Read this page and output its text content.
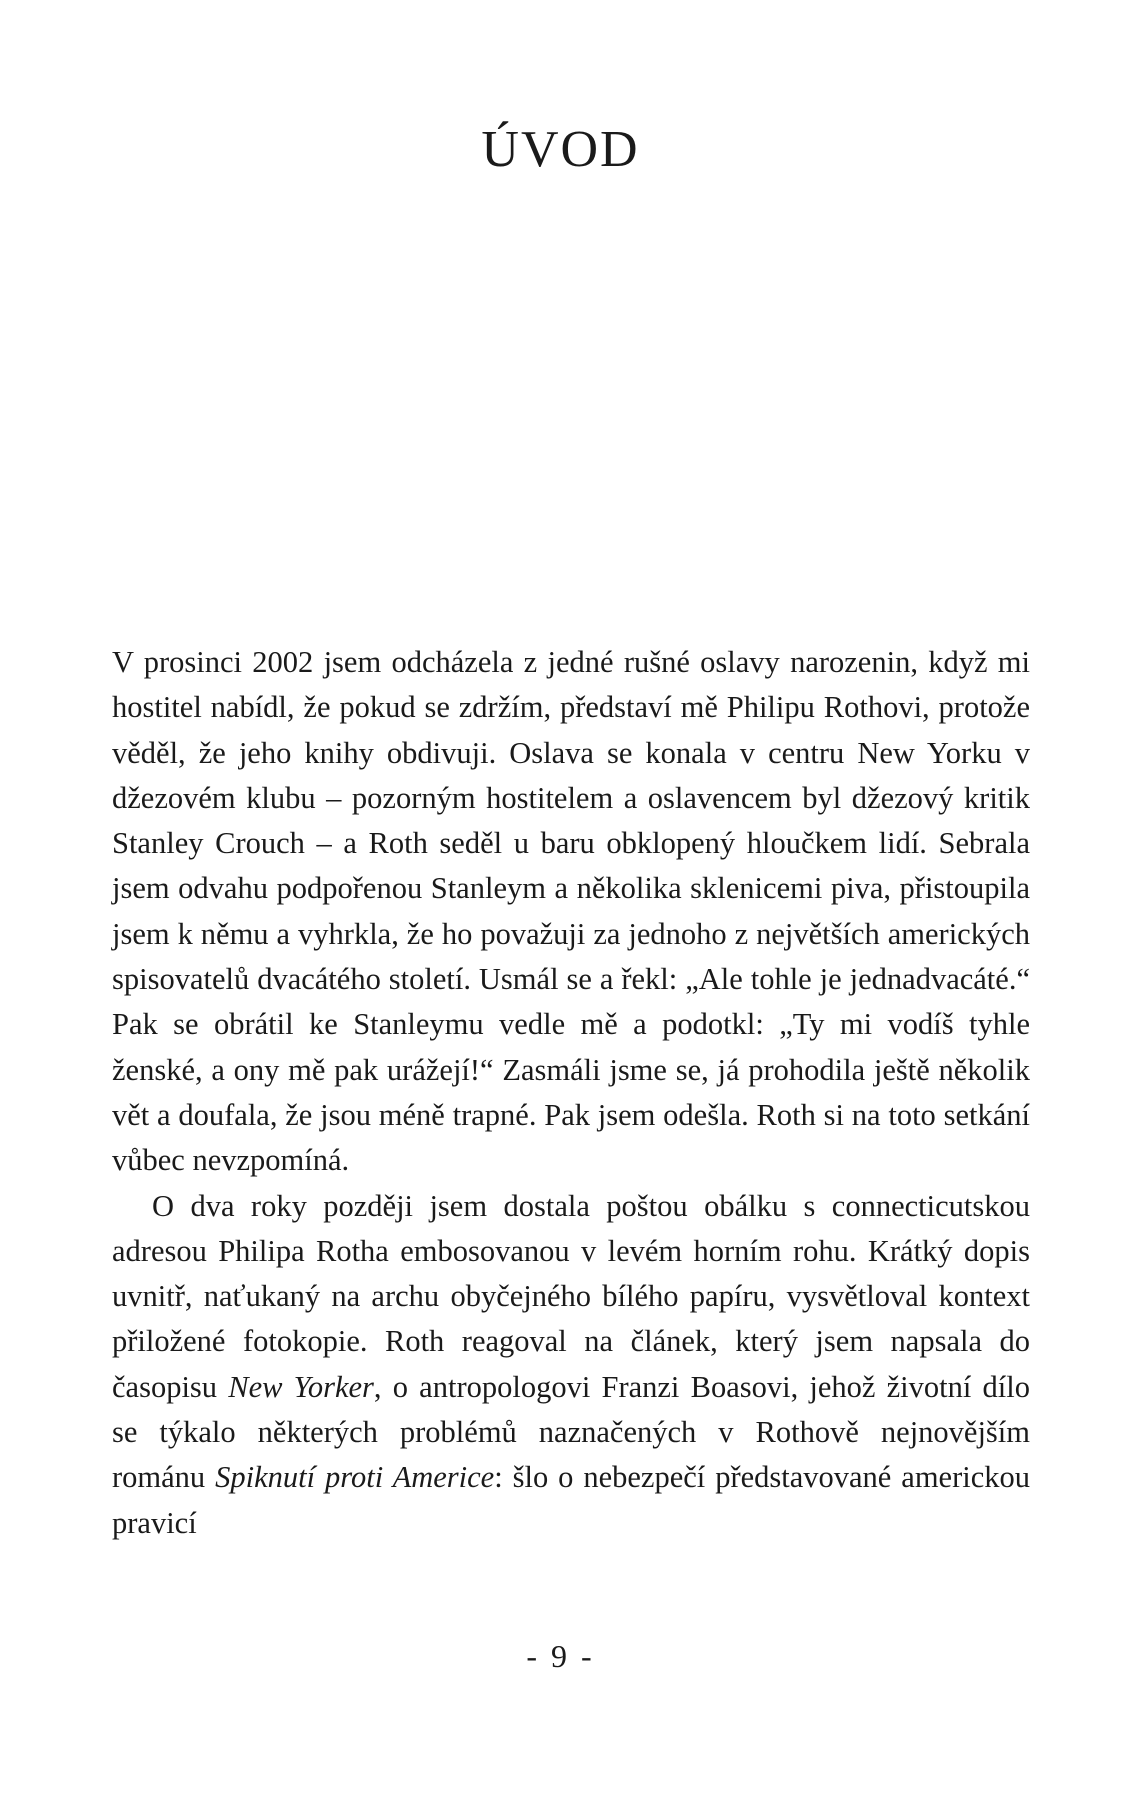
ÚVOD

V prosinci 2002 jsem odcházela z jedné rušné oslavy narozenin, když mi hostitel nabídl, že pokud se zdržím, představí mě Philipu Rothovi, protože věděl, že jeho knihy obdivuji. Oslava se konala v centru New Yorku v džezovém klubu – pozorným hostitelem a oslavencem byl džezový kritik Stanley Crouch – a Roth seděl u baru obklopený hloučkem lidí. Sebrala jsem odvahu podpořenou Stanleym a několika sklenicemi piva, přistoupila jsem k němu a vyhrkla, že ho považuji za jednoho z největších amerických spisovatelů dvacátého století. Usmál se a řekl: „Ale tohle je jednadvacáté.“ Pak se obrátil ke Stanleymu vedle mě a podotkl: „Ty mi vodíš tyhle ženské, a ony mě pak urážejí!“ Zasmáli jsme se, já prohodila ještě několik vět a doufala, že jsou méně trapné. Pak jsem odešla. Roth si na toto setkání vůbec nevzpomíná.

O dva roky později jsem dostala poštou obálku s connecticutskou adresou Philipa Rotha embosovanou v levém horním rohu. Krátký dopis uvnitř, naťukaný na archu obyčejného bílého papíru, vysvětloval kontext přiložené fotokopie. Roth reagoval na článek, který jsem napsala do časopisu New Yorker, o antropologovi Franzi Boasovi, jehož životní dílo se týkalo některých problémů naznačených v Rothově nejnovějším románu Spiknutí proti Americe: šlo o nebezpečí představované americkou pravicí

- 9 -
